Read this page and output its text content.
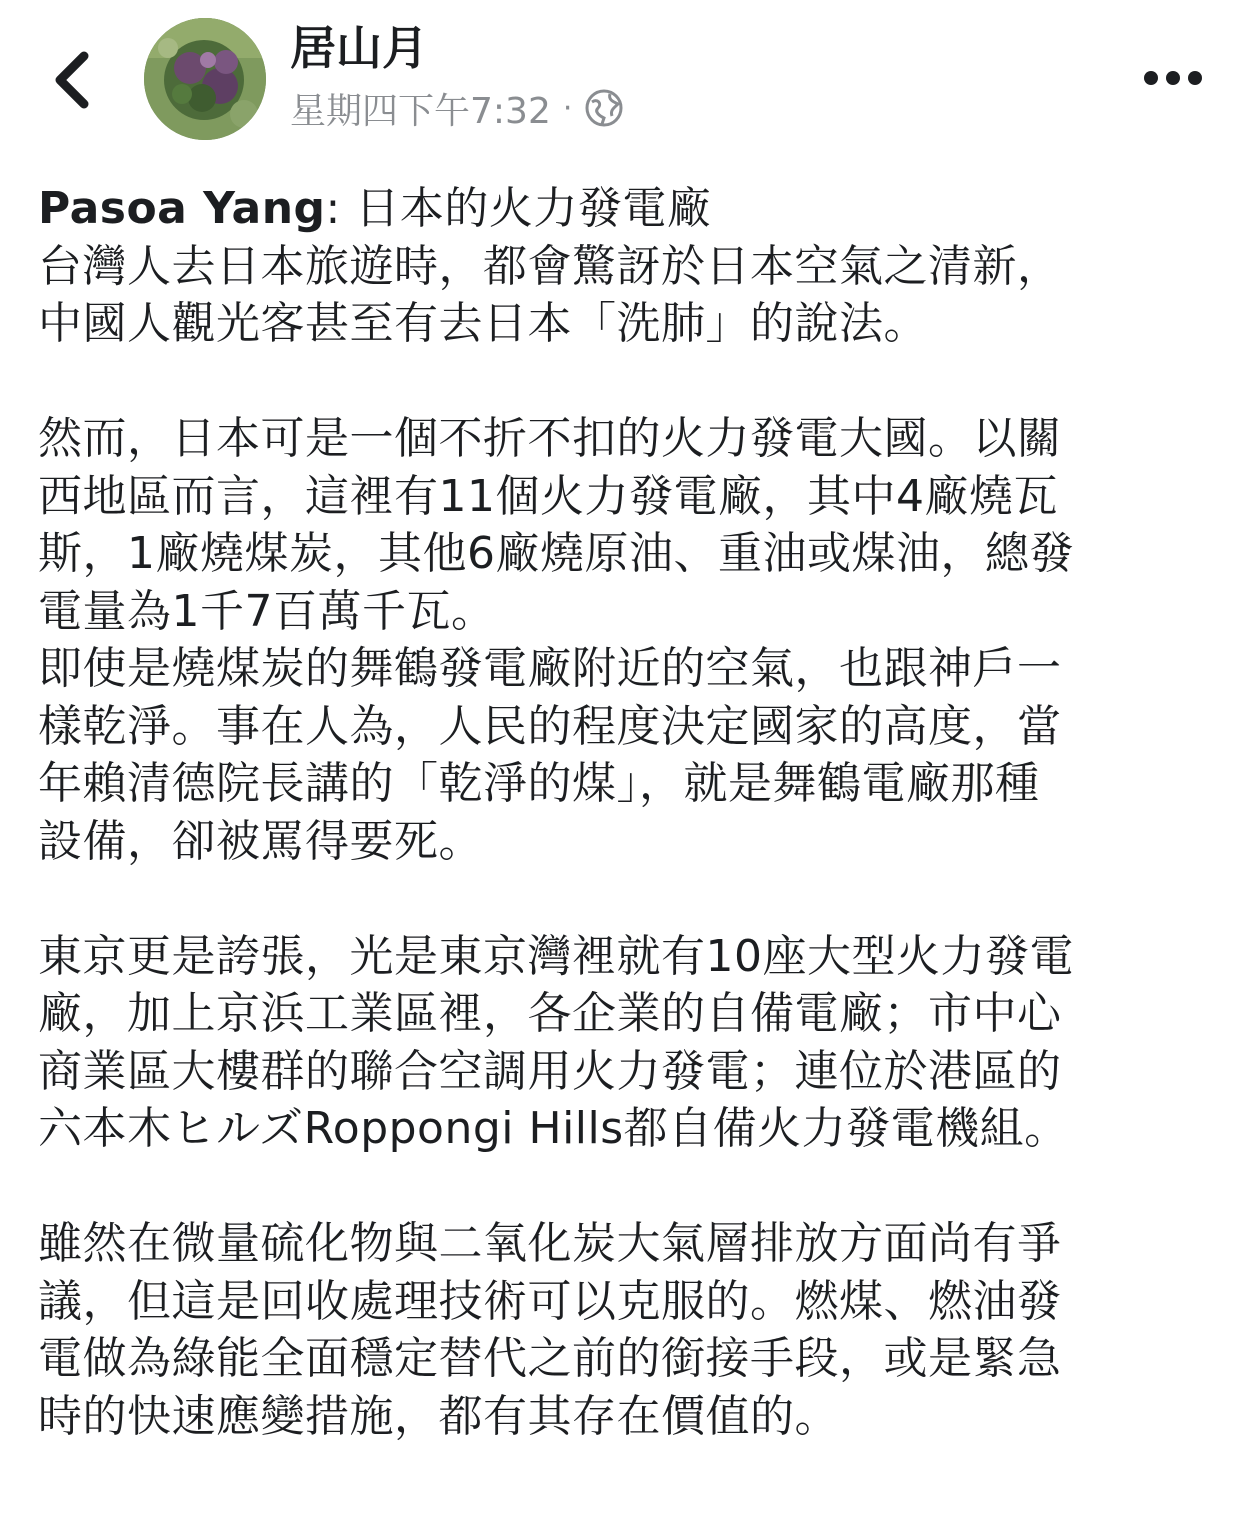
居山月
星期四下午7:32 ·

Pasoa Yang: 日本的火力發電廠

台灣人去日本旅遊時，都會驚訝於日本空氣之清新，

中國人觀光客甚至有去日本「洗肺」的說法。

然而，日本可是一個不折不扣的火力發電大國。以關

西地區而言，這裡有11個火力發電廠，其中4廠燒瓦

斯，1廠燒煤炭，其他6廠燒原油、重油或煤油，總發

電量為1千7百萬千瓦。

即使是燒煤炭的舞鶴發電廠附近的空氣，也跟神戶一

樣乾淨。事在人為，人民的程度決定國家的高度，當

年賴清德院長講的「乾淨的煤」，就是舞鶴電廠那種

設備，卻被罵得要死。

東京更是誇張，光是東京灣裡就有10座大型火力發電

廠，加上京浜工業區裡，各企業的自備電廠；市中心

商業區大樓群的聯合空調用火力發電；連位於港區的

六本木ヒルズRoppongi Hills都自備火力發電機組。

雖然在微量硫化物與二氧化炭大氣層排放方面尚有爭

議，但這是回收處理技術可以克服的。燃煤、燃油發

電做為綠能全面穩定替代之前的銜接手段，或是緊急

時的快速應變措施，都有其存在價值的。
